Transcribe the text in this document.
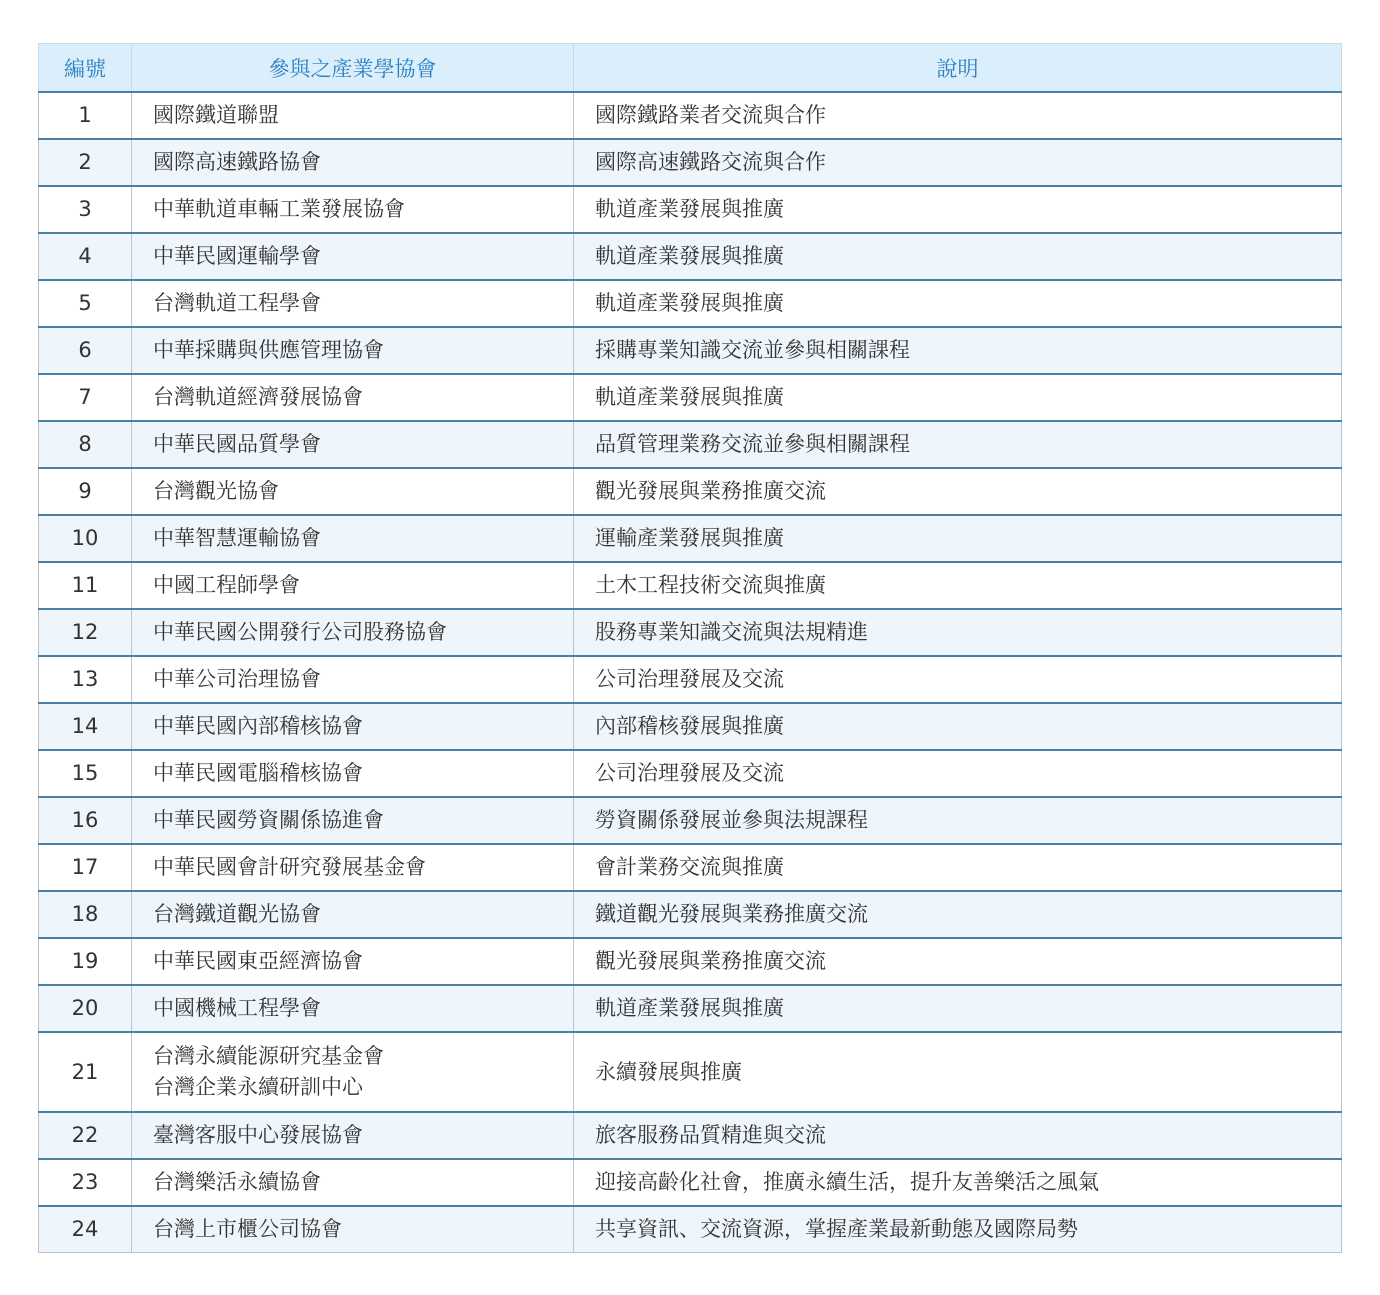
編號	參與之產業學協會	說明
1	國際鐵道聯盟	國際鐵路業者交流與合作
2	國際高速鐵路協會	國際高速鐵路交流與合作
3	中華軌道車輛工業發展協會	軌道產業發展與推廣
4	中華民國運輸學會	軌道產業發展與推廣
5	台灣軌道工程學會	軌道產業發展與推廣
6	中華採購與供應管理協會	採購專業知識交流並參與相關課程
7	台灣軌道經濟發展協會	軌道產業發展與推廣
8	中華民國品質學會	品質管理業務交流並參與相關課程
9	台灣觀光協會	觀光發展與業務推廣交流
10	中華智慧運輸協會	運輸產業發展與推廣
11	中國工程師學會	土木工程技術交流與推廣
12	中華民國公開發行公司股務協會	股務專業知識交流與法規精進
13	中華公司治理協會	公司治理發展及交流
14	中華民國內部稽核協會	內部稽核發展與推廣
15	中華民國電腦稽核協會	公司治理發展及交流
16	中華民國勞資關係協進會	勞資關係發展並參與法規課程
17	中華民國會計研究發展基金會	會計業務交流與推廣
18	台灣鐵道觀光協會	鐵道觀光發展與業務推廣交流
19	中華民國東亞經濟協會	觀光發展與業務推廣交流
20	中國機械工程學會	軌道產業發展與推廣
21	台灣永續能源研究基金會
台灣企業永續研訓中心	永續發展與推廣
22	臺灣客服中心發展協會	旅客服務品質精進與交流
23	台灣樂活永續協會	迎接高齡化社會，推廣永續生活，提升友善樂活之風氣
24	台灣上市櫃公司協會	共享資訊、交流資源，掌握產業最新動態及國際局勢
